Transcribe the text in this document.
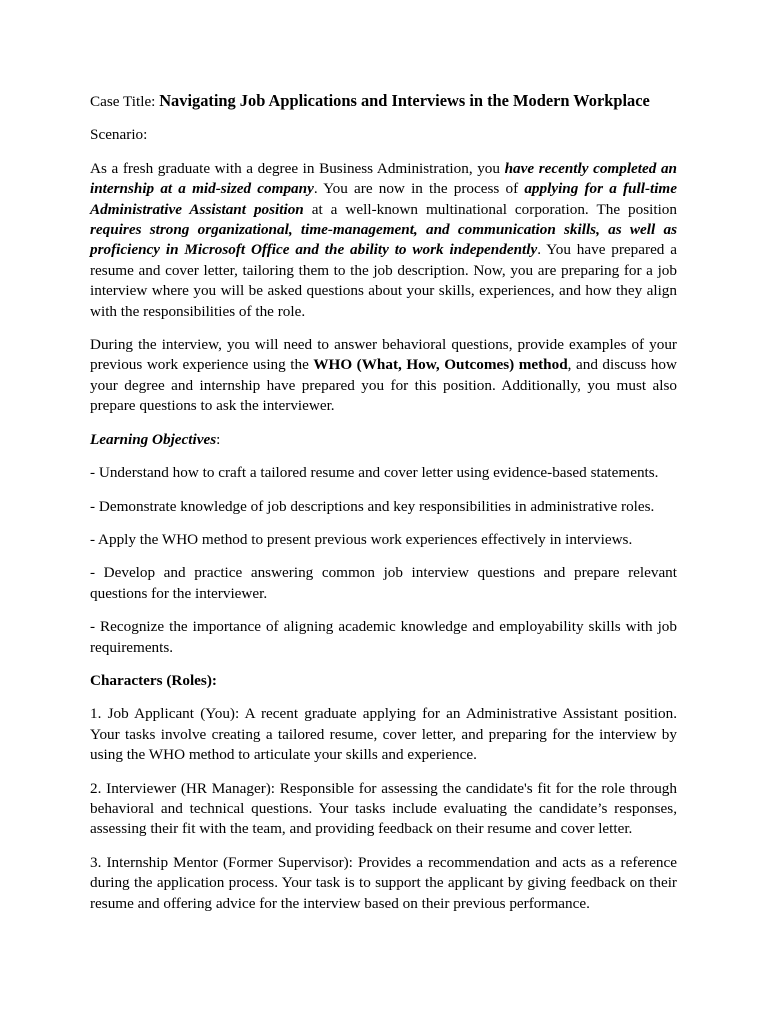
Case Title: Navigating Job Applications and Interviews in the Modern Workplace

Scenario:

As a fresh graduate with a degree in Business Administration, you have recently completed an internship at a mid-sized company. You are now in the process of applying for a full-time Administrative Assistant position at a well-known multinational corporation. The position requires strong organizational, time-management, and communication skills, as well as proficiency in Microsoft Office and the ability to work independently. You have prepared a resume and cover letter, tailoring them to the job description. Now, you are preparing for a job interview where you will be asked questions about your skills, experiences, and how they align with the responsibilities of the role.

During the interview, you will need to answer behavioral questions, provide examples of your previous work experience using the WHO (What, How, Outcomes) method, and discuss how your degree and internship have prepared you for this position. Additionally, you must also prepare questions to ask the interviewer.

Learning Objectives:

- Understand how to craft a tailored resume and cover letter using evidence-based statements.

- Demonstrate knowledge of job descriptions and key responsibilities in administrative roles.

- Apply the WHO method to present previous work experiences effectively in interviews.

- Develop and practice answering common job interview questions and prepare relevant questions for the interviewer.

- Recognize the importance of aligning academic knowledge and employability skills with job requirements.

Characters (Roles):

1. Job Applicant (You): A recent graduate applying for an Administrative Assistant position. Your tasks involve creating a tailored resume, cover letter, and preparing for the interview by using the WHO method to articulate your skills and experience.

2. Interviewer (HR Manager): Responsible for assessing the candidate's fit for the role through behavioral and technical questions. Your tasks include evaluating the candidate’s responses, assessing their fit with the team, and providing feedback on their resume and cover letter.

3. Internship Mentor (Former Supervisor): Provides a recommendation and acts as a reference during the application process. Your task is to support the applicant by giving feedback on their resume and offering advice for the interview based on their previous performance.
